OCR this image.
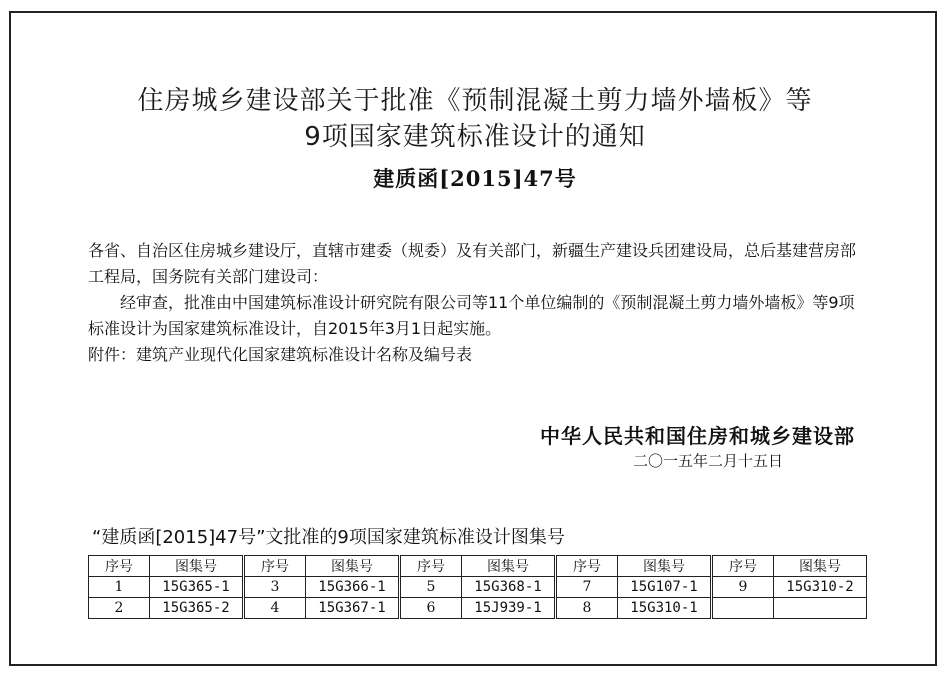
住房城乡建设部关于批准《预制混凝土剪力墙外墙板》等
9项国家建筑标准设计的通知
建质函[2015]47号
各省、自治区住房城乡建设厅，直辖市建委（规委）及有关部门，新疆生产建设兵团建设局，总后基建营房部工程局，国务院有关部门建设司：
经审查，批准由中国建筑标准设计研究院有限公司等11个单位编制的《预制混凝土剪力墙外墙板》等9项标准设计为国家建筑标准设计，自2015年3月1日起实施。
附件：建筑产业现代化国家建筑标准设计名称及编号表
中华人民共和国住房和城乡建设部
二〇一五年二月十五日
“建质函[2015]47号”文批准的9项国家建筑标准设计图集号
序号	图集号	序号	图集号	序号	图集号	序号	图集号	序号	图集号
1	15G365-1	3	15G366-1	5	15G368-1	7	15G107-1	9	15G310-2
2	15G365-2	4	15G367-1	6	15J939-1	8	15G310-1		
